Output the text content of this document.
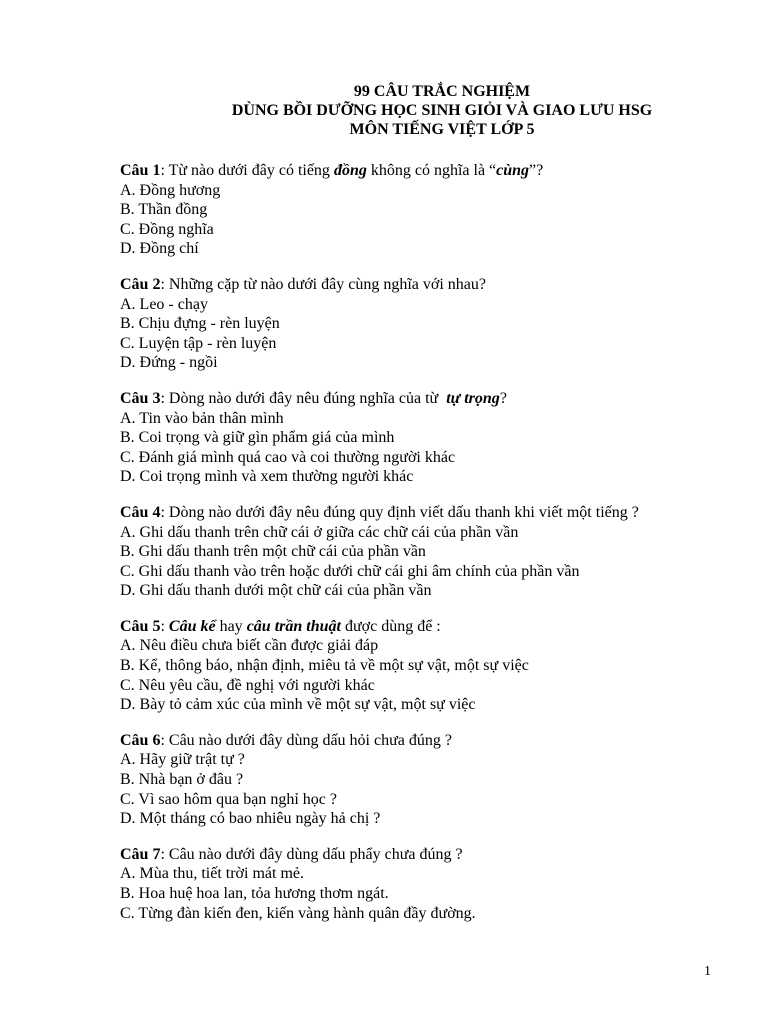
99 CÂU TRẮC NGHIỆM
DÙNG BỒI DƯỠNG HỌC SINH GIỎI VÀ GIAO LƯU HSG
MÔN TIẾNG VIỆT LỚP 5
Câu 1: Từ nào dưới đây có tiếng đồng không có nghĩa là “cùng”?
A. Đồng hương
B. Thần đồng
C. Đồng nghĩa
D. Đồng chí
Câu 2: Những cặp từ nào dưới đây cùng nghĩa với nhau?
A. Leo - chạy
B. Chịu đựng - rèn luyện
C. Luyện tập - rèn luyện
D. Đứng - ngồi
Câu 3: Dòng nào dưới đây nêu đúng nghĩa của từ  tự trọng?
A. Tin vào bản thân mình
B. Coi trọng và giữ gìn phẩm giá của mình
C. Đánh giá mình quá cao và coi thường người khác
D. Coi trọng mình và xem thường người khác
Câu 4: Dòng nào dưới đây nêu đúng quy định viết dấu thanh khi viết một tiếng ?
A. Ghi dấu thanh trên chữ cái ở giữa các chữ cái của phần vần
B. Ghi dấu thanh trên một chữ cái của phần vần
C. Ghi dấu thanh vào trên hoặc dưới chữ cái ghi âm chính của phần vần
D. Ghi dấu thanh dưới một chữ cái của phần vần
Câu 5: Câu kể hay câu trần thuật được dùng để :
A. Nêu điều chưa biết cần được giải đáp
B. Kể, thông báo, nhận định, miêu tả về một sự vật, một sự việc
C. Nêu yêu cầu, đề nghị với người khác
D. Bày tỏ cảm xúc của mình về một sự vật, một sự việc
Câu 6: Câu nào dưới đây dùng dấu hỏi chưa đúng ?
A. Hãy giữ trật tự ?
B. Nhà bạn ở đâu ?
C. Vì sao hôm qua bạn nghỉ học ?
D. Một tháng có bao nhiêu ngày hả chị ?
Câu 7: Câu nào dưới đây dùng dấu phẩy chưa đúng ?
A. Mùa thu, tiết trời mát mẻ.
B. Hoa huệ hoa lan, tỏa hương thơm ngát.
C. Từng đàn kiến đen, kiến vàng hành quân đầy đường.
1
